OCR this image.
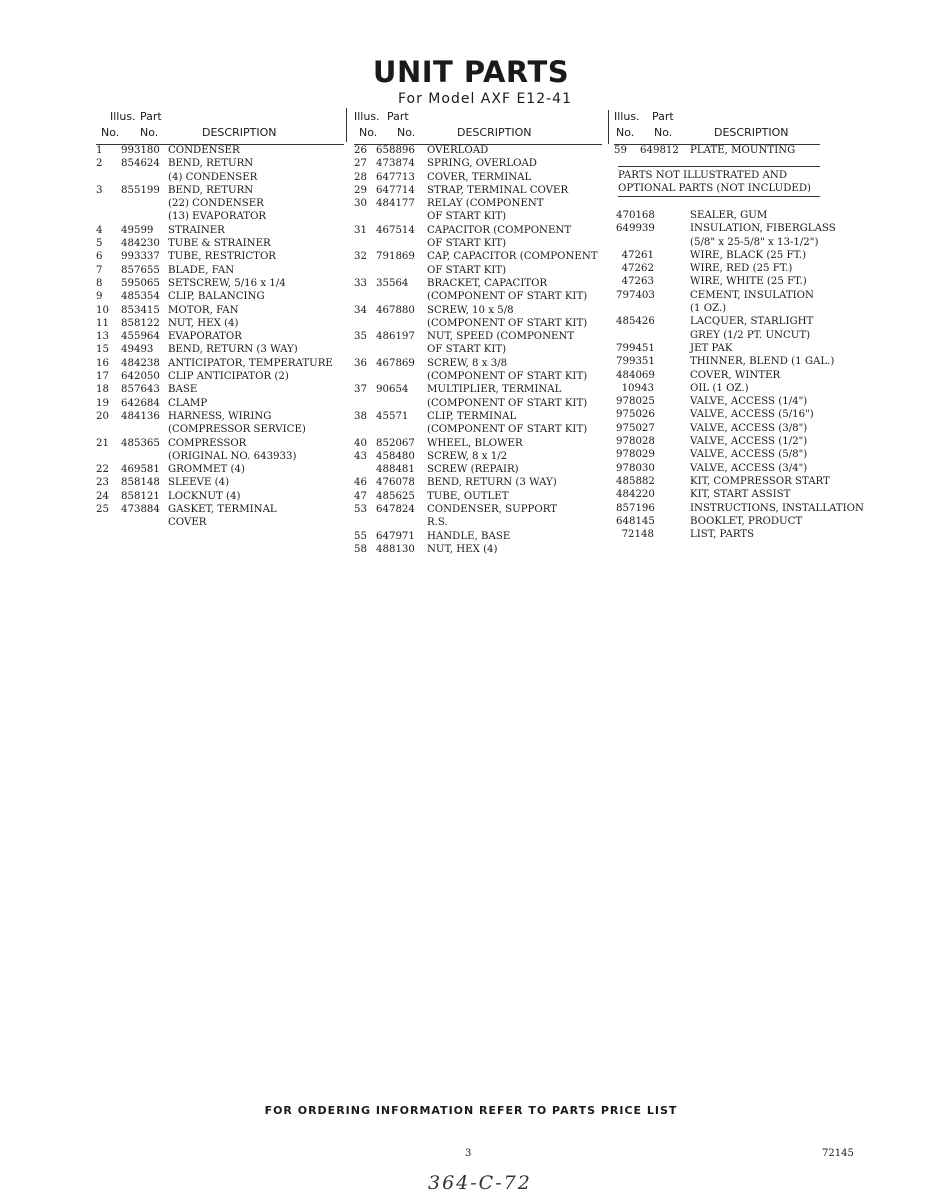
UNIT PARTS
For Model AXF E12-41
Illus. Part
No. No.	DESCRIPTION
1 993180 CONDENSER
2 854624 BEND, RETURN
(4) CONDENSER
3 855199 BEND, RETURN
(22) CONDENSER
(13) EVAPORATOR
4 49599 STRAINER
5 484230 TUBE & STRAINER
6 993337 TUBE, RESTRICTOR
7 857655 BLADE, FAN
8 595065 SETSCREW, 5/16 x 1/4
9 485354 CLIP, BALANCING
10 853415 MOTOR, FAN
11 858122 NUT, HEX (4)
13 455964 EVAPORATOR
15 49493 BEND, RETURN (3 WAY)
16 484238 ANTICIPATOR, TEMPERATURE
17 642050 CLIP ANTICIPATOR (2)
18 857643 BASE
19 642684 CLAMP
20 484136 HARNESS, WIRING
(COMPRESSOR SERVICE)
21 485365 COMPRESSOR
(ORIGINAL NO. 643933)
22 469581 GROMMET (4)
23 858148 SLEEVE (4)
24 858121 LOCKNUT (4)
25 473884 GASKET, TERMINAL
COVER
Illus. Part
No. No.	DESCRIPTION
26 658896 OVERLOAD
27 473874 SPRING, OVERLOAD
28 647713 COVER, TERMINAL
29 647714 STRAP, TERMINAL COVER
30 484177 RELAY (COMPONENT
OF START KIT)
31 467514 CAPACITOR (COMPONENT
OF START KIT)
32 791869 CAP, CAPACITOR (COMPONENT
OF START KIT)
33 35564 BRACKET, CAPACITOR
(COMPONENT OF START KIT)
34 467880 SCREW, 10 x 5/8
(COMPONENT OF START KIT)
35 486197 NUT, SPEED (COMPONENT
OF START KIT)
36 467869 SCREW, 8 x 3/8
(COMPONENT OF START KIT)
37 90654 MULTIPLIER, TERMINAL
(COMPONENT OF START KIT)
38 45571 CLIP, TERMINAL
(COMPONENT OF START KIT)
40 852067 WHEEL, BLOWER
43 458480 SCREW, 8 x 1/2
488481 SCREW (REPAIR)
46 476078 BEND, RETURN (3 WAY)
47 485625 TUBE, OUTLET
53 647824 CONDENSER, SUPPORT
R.S.
55 647971 HANDLE, BASE
58 488130 NUT, HEX (4)
Illus. Part
No. No.	DESCRIPTION
59 649812 PLATE, MOUNTING
PARTS NOT ILLUSTRATED AND
OPTIONAL PARTS (NOT INCLUDED)
470168	SEALER, GUM
649939	INSULATION, FIBERGLASS
(5/8" x 25-5/8" x 13-1/2")
47261	WIRE, BLACK (25 FT.)
47262	WIRE, RED (25 FT.)
47263	WIRE, WHITE (25 FT.)
797403	CEMENT, INSULATION
(1 OZ.)
485426	LACQUER, STARLIGHT
GREY (1/2 PT. UNCUT)
799451	JET PAK
799351	THINNER, BLEND (1 GAL.)
484069	COVER, WINTER
10943	OIL (1 OZ.)
978025	VALVE, ACCESS (1/4")
975026	VALVE, ACCESS (5/16")
975027	VALVE, ACCESS (3/8")
978028	VALVE, ACCESS (1/2")
978029	VALVE, ACCESS (5/8")
978030	VALVE, ACCESS (3/4")
485882	KIT, COMPRESSOR START
484220	KIT, START ASSIST
857196	INSTRUCTIONS, INSTALLATION
648145	BOOKLET, PRODUCT
72148	LIST, PARTS
FOR ORDERING INFORMATION REFER TO PARTS PRICE LIST
3	72145
364-C-72
